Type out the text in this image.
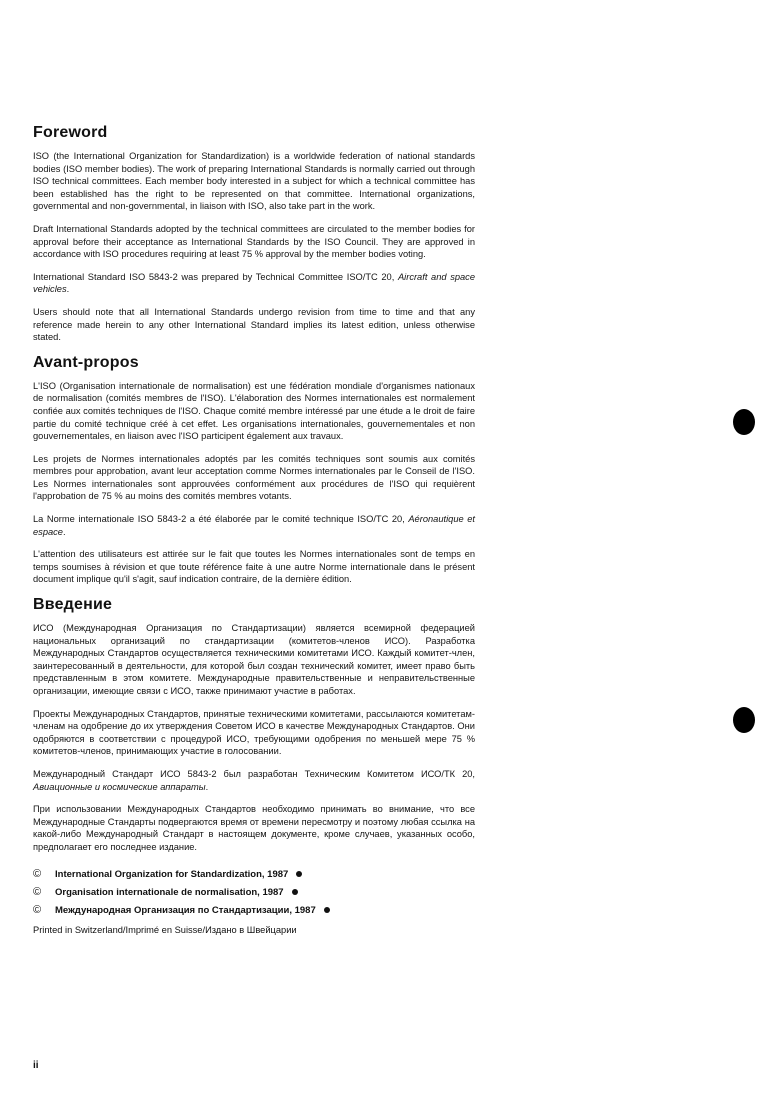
Foreword

ISO (the International Organization for Standardization) is a worldwide federation of national standards bodies (ISO member bodies). The work of preparing International Standards is normally carried out through ISO technical committees. Each member body interested in a subject for which a technical committee has been established has the right to be represented on that committee. International organizations, governmental and non-governmental, in liaison with ISO, also take part in the work.

Draft International Standards adopted by the technical committees are circulated to the member bodies for approval before their acceptance as International Standards by the ISO Council. They are approved in accordance with ISO procedures requiring at least 75 % approval by the member bodies voting.

International Standard ISO 5843-2 was prepared by Technical Committee ISO/TC 20, Aircraft and space vehicles.

Users should note that all International Standards undergo revision from time to time and that any reference made herein to any other International Standard implies its latest edition, unless otherwise stated.

Avant-propos

L'ISO (Organisation internationale de normalisation) est une fédération mondiale d'organismes nationaux de normalisation (comités membres de l'ISO). L'élaboration des Normes internationales est normalement confiée aux comités techniques de l'ISO. Chaque comité membre intéressé par une étude a le droit de faire partie du comité technique créé à cet effet. Les organisations internationales, gouvernementales et non gouvernementales, en liaison avec l'ISO participent également aux travaux.

Les projets de Normes internationales adoptés par les comités techniques sont soumis aux comités membres pour approbation, avant leur acceptation comme Normes internationales par le Conseil de l'ISO. Les Normes internationales sont approuvées conformément aux procédures de l'ISO qui requièrent l'approbation de 75 % au moins des comités membres votants.

La Norme internationale ISO 5843-2 a été élaborée par le comité technique ISO/TC 20, Aéronautique et espace.

L'attention des utilisateurs est attirée sur le fait que toutes les Normes internationales sont de temps en temps soumises à révision et que toute référence faite à une autre Norme internationale dans le présent document implique qu'il s'agit, sauf indication contraire, de la dernière édition.

Введение

ИСО (Международная Организация по Стандартизации) является всемирной федерацией национальных организаций по стандартизации (комитетов-членов ИСО). Разработка Международных Стандартов осуществляется техническими комитетами ИСО. Каждый комитет-член, заинтересованный в деятельности, для которой был создан технический комитет, имеет право быть представленным в этом комитете. Международные правительственные и неправительственные организации, имеющие связи с ИСО, также принимают участие в работах.

Проекты Международных Стандартов, принятые техническими комитетами, рассылаются комитетам-членам на одобрение до их утверждения Советом ИСО в качестве Международных Стандартов. Они одобряются в соответствии с процедурой ИСО, требующими одобрения по меньшей мере 75 % комитетов-членов, принимающих участие в голосовании.

Международный Стандарт ИСО 5843-2 был разработан Техническим Комитетом ИСО/ТК 20, Авиационные и космические аппараты.

При использовании Международных Стандартов необходимо принимать во внимание, что все Международные Стандарты подвергаются время от времени пересмотру и поэтому любая ссылка на какой-либо Международный Стандарт в настоящем документе, кроме случаев, указанных особо, предполагает его последнее издание.

©	International Organization for Standardization, 1987
©	Organisation internationale de normalisation, 1987
©	Международная Организация по Стандартизации, 1987
Printed in Switzerland/Imprimé en Suisse/Издано в Швейцарии
ii
